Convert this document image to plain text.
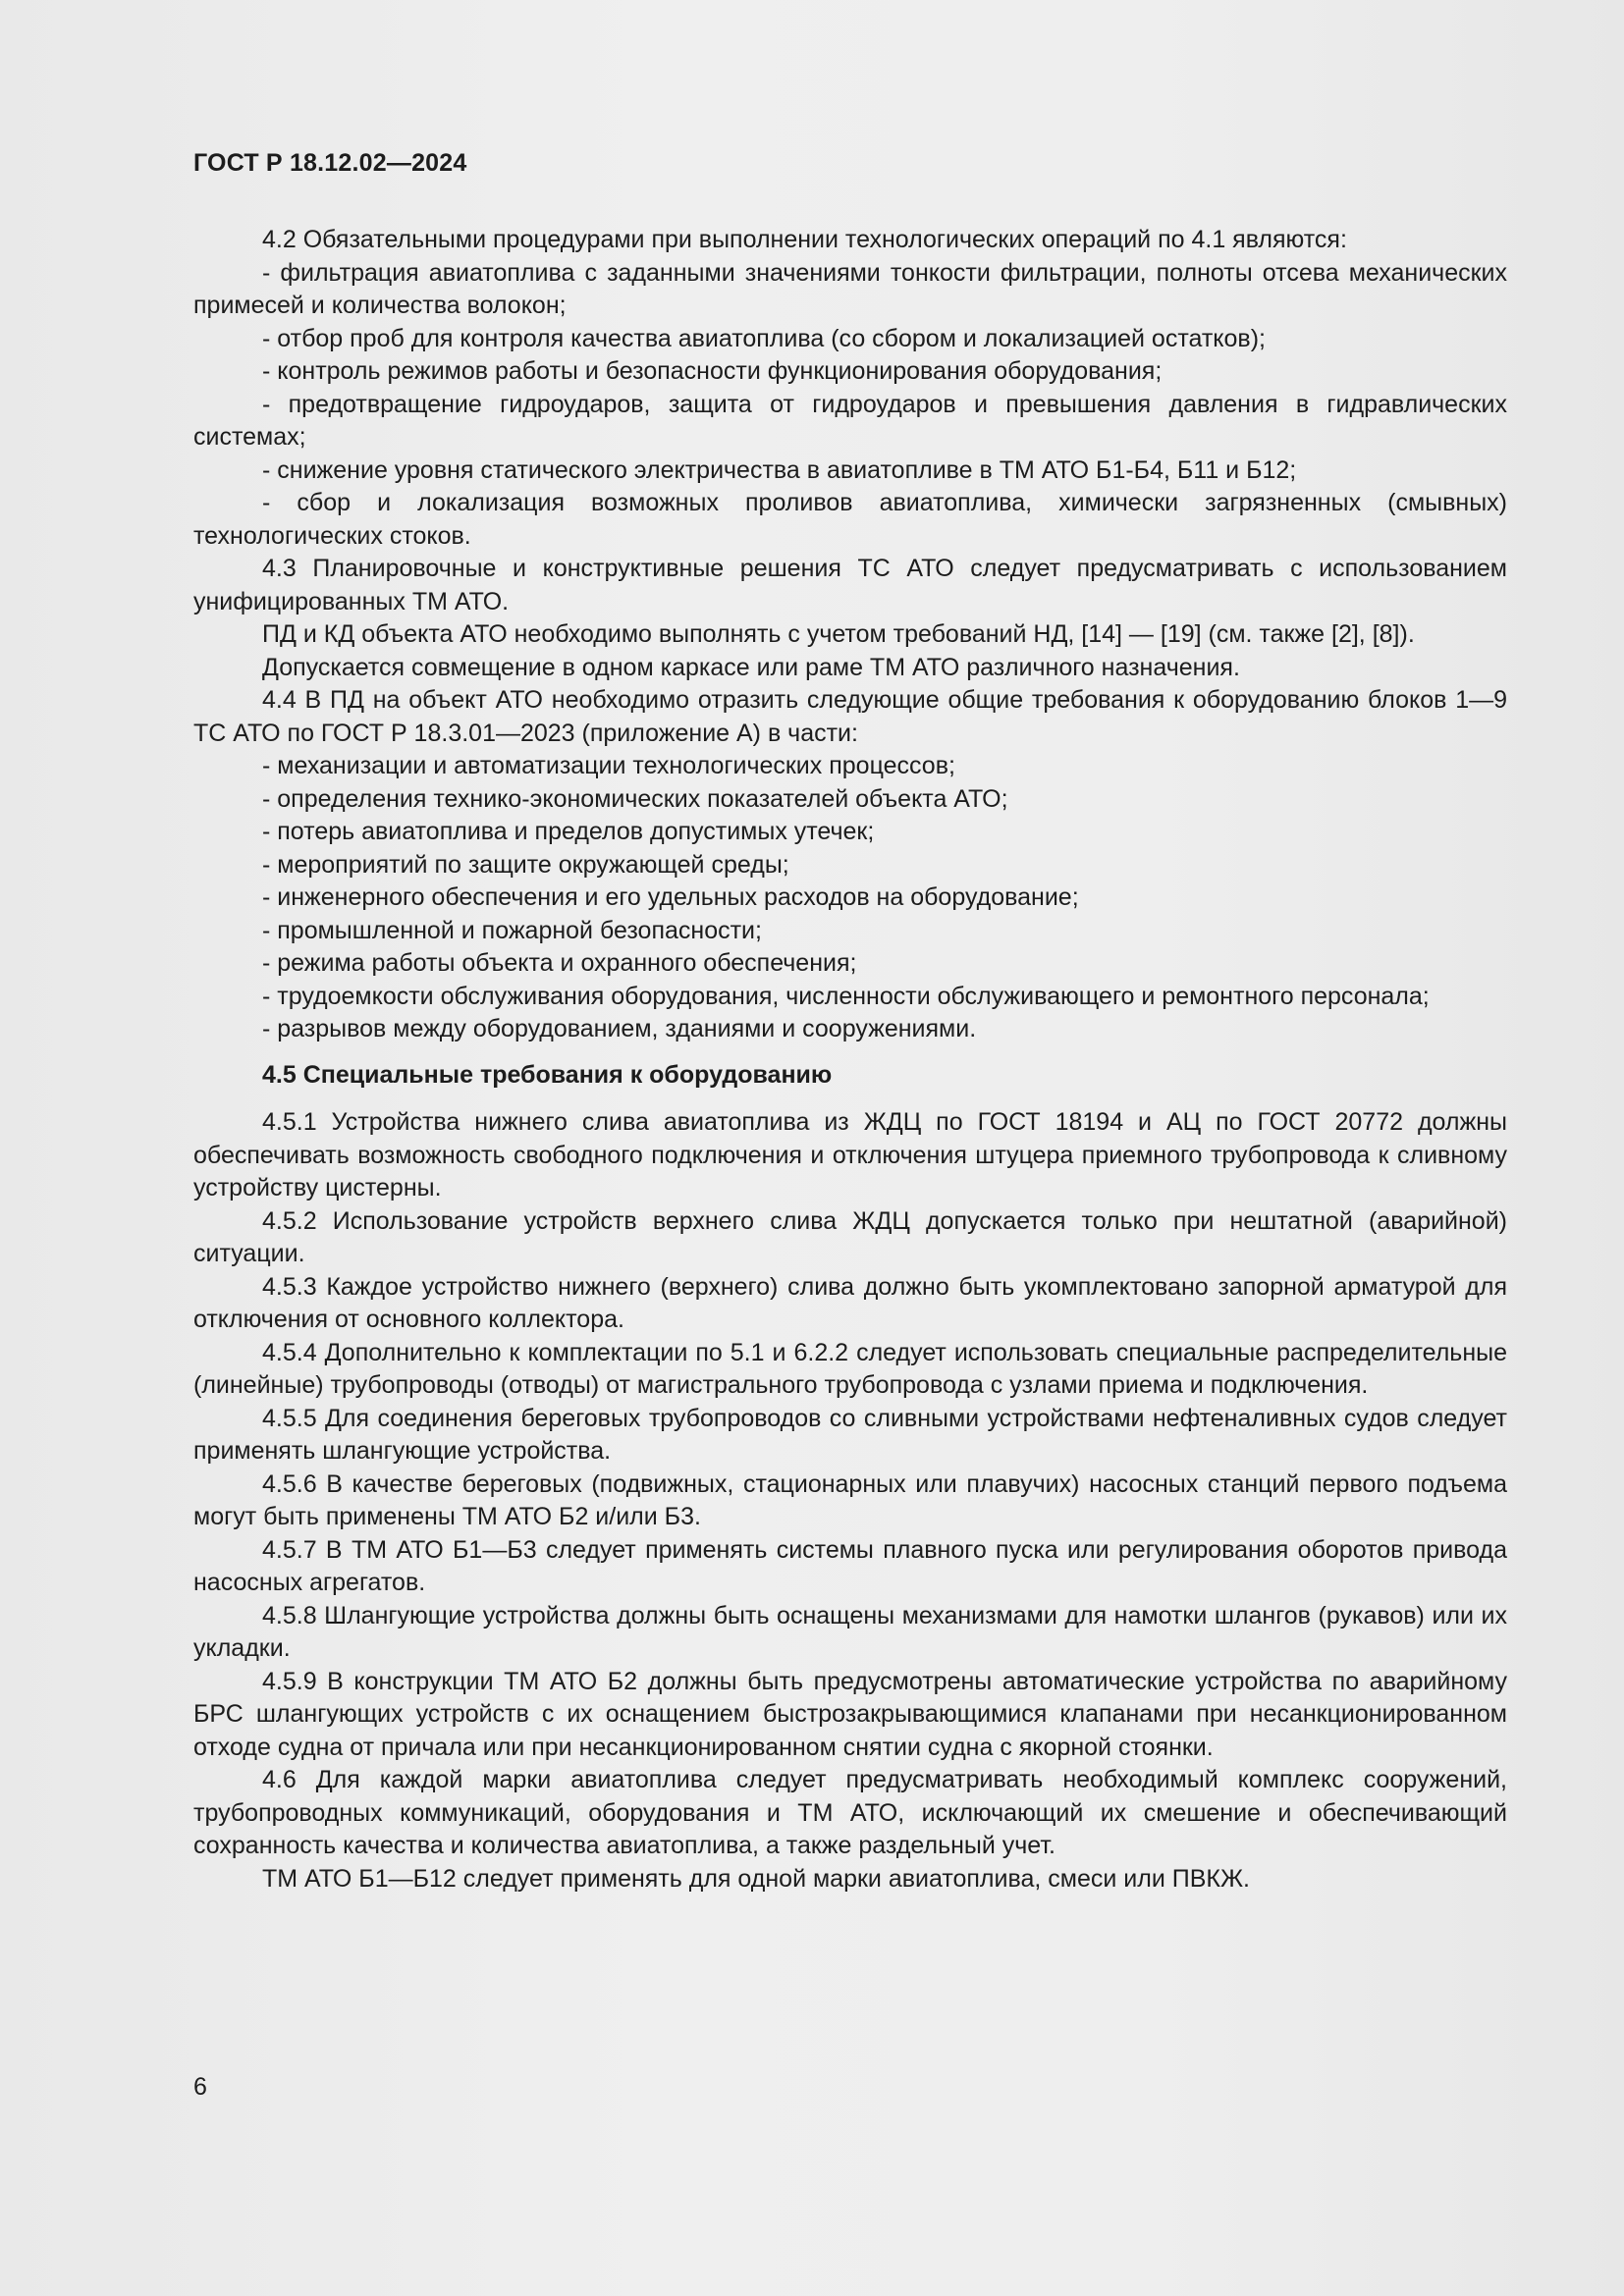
ГОСТ Р 18.12.02—2024

4.2 Обязательными процедурами при выполнении технологических операций по 4.1 являются:

- фильтрация авиатоплива с заданными значениями тонкости фильтрации, полноты отсева механических примесей и количества волокон;

- отбор проб для контроля качества авиатоплива (со сбором и локализацией остатков);

- контроль режимов работы и безопасности функционирования оборудования;

- предотвращение гидроударов, защита от гидроударов и превышения давления в гидравлических системах;

- снижение уровня статического электричества в авиатопливе в ТМ АТО Б1-Б4, Б11 и Б12;

- сбор и локализация возможных проливов авиатоплива, химически загрязненных (смывных) технологических стоков.

4.3 Планировочные и конструктивные решения ТС АТО следует предусматривать с использованием унифицированных ТМ АТО.

ПД и КД объекта АТО необходимо выполнять с учетом требований НД, [14] — [19] (см. также [2], [8]).

Допускается совмещение в одном каркасе или раме ТМ АТО различного назначения.

4.4 В ПД на объект АТО необходимо отразить следующие общие требования к оборудованию блоков 1—9 ТС АТО по ГОСТ Р 18.3.01—2023 (приложение А) в части:

- механизации и автоматизации технологических процессов;

- определения технико-экономических показателей объекта АТО;

- потерь авиатоплива и пределов допустимых утечек;

- мероприятий по защите окружающей среды;

- инженерного обеспечения и его удельных расходов на оборудование;

- промышленной и пожарной безопасности;

- режима работы объекта и охранного обеспечения;

- трудоемкости обслуживания оборудования, численности обслуживающего и ремонтного персонала;

- разрывов между оборудованием, зданиями и сооружениями.

4.5 Специальные требования к оборудованию

4.5.1 Устройства нижнего слива авиатоплива из ЖДЦ по ГОСТ 18194 и АЦ по ГОСТ 20772 должны обеспечивать возможность свободного подключения и отключения штуцера приемного трубопровода к сливному устройству цистерны.

4.5.2 Использование устройств верхнего слива ЖДЦ допускается только при нештатной (аварийной) ситуации.

4.5.3 Каждое устройство нижнего (верхнего) слива должно быть укомплектовано запорной арматурой для отключения от основного коллектора.

4.5.4 Дополнительно к комплектации по 5.1 и 6.2.2 следует использовать специальные распределительные (линейные) трубопроводы (отводы) от магистрального трубопровода с узлами приема и подключения.

4.5.5 Для соединения береговых трубопроводов со сливными устройствами нефтеналивных судов следует применять шлангующие устройства.

4.5.6 В качестве береговых (подвижных, стационарных или плавучих) насосных станций первого подъема могут быть применены ТМ АТО Б2 и/или Б3.

4.5.7 В ТМ АТО Б1—Б3 следует применять системы плавного пуска или регулирования оборотов привода насосных агрегатов.

4.5.8 Шлангующие устройства должны быть оснащены механизмами для намотки шлангов (рукавов) или их укладки.

4.5.9 В конструкции ТМ АТО Б2 должны быть предусмотрены автоматические устройства по аварийному БРС шлангующих устройств с их оснащением быстрозакрывающимися клапанами при несанкционированном отходе судна от причала или при несанкционированном снятии судна с якорной стоянки.

4.6 Для каждой марки авиатоплива следует предусматривать необходимый комплекс сооружений, трубопроводных коммуникаций, оборудования и ТМ АТО, исключающий их смешение и обеспечивающий сохранность качества и количества авиатоплива, а также раздельный учет.

ТМ АТО Б1—Б12 следует применять для одной марки авиатоплива, смеси или ПВКЖ.

6
